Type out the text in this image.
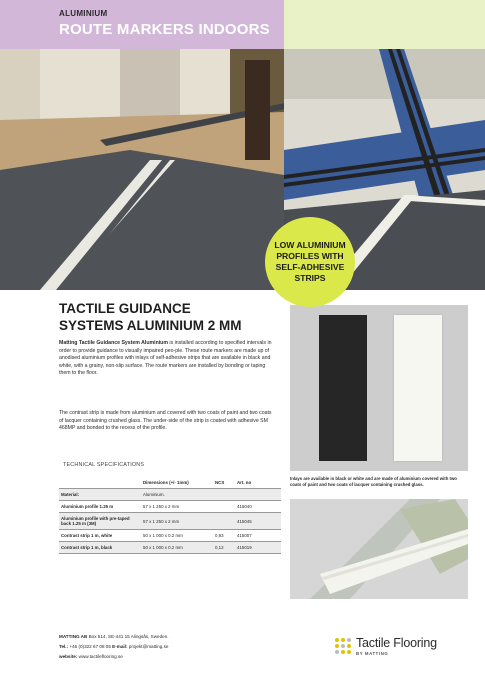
ALUMINIUM
ROUTE MARKERS INDOORS
LOW ALUMINIUM PROFILES WITH SELF-ADHESIVE STRIPS
TACTILE GUIDANCE
SYSTEMS ALUMINIUM 2 MM

Matting Tactile Guidance System Aluminium is installed according to specified intervals in order to provide guidance to visually impaired peo-ple. These route markers are made up of anodised aluminium profiles with inlays of self-adhesive strips that are available in black and white, with a grainy, non-slip surface. The route markers are installed by bonding or taping them to the floor.

The contrast strip is made from aluminium and covered with two coats of paint and two coats of lacquer containing crushed glass. The under-side of the strip is coated with adhesive SM 468MP and bonded to the recess of the profile.

TECHNICAL SPECIFICATIONS
	Dimensions (+/- 1mm)	NCS	Art. no
Material:	Aluminium.		
Aluminium profile 1.25 m	57 x 1 250 x 2 mm		415040
Aluminium profile with pre-taped back 1.25 m (3M)	57 x 1 250 x 2 mm		415045
Contrast strip 1 m, white	50 x 1 000 x 0.2 mm	0,93	415007
Contrast strip 1 m, black	50 x 1 000 x 0.2 mm	0,12	415019

Inlays are available in black or white and are made of aluminium covered with two coats of paint and two coats of lacquer containing crushed glass.

MATTING AB Box 514, SE-441 15 Alingsås, Sweden.
Tel.: +46 (0)322 67 08 05 E-mail: projekt@matting.se
website: www.tactileflooring.se
Tactile Flooring
BY MATTING
